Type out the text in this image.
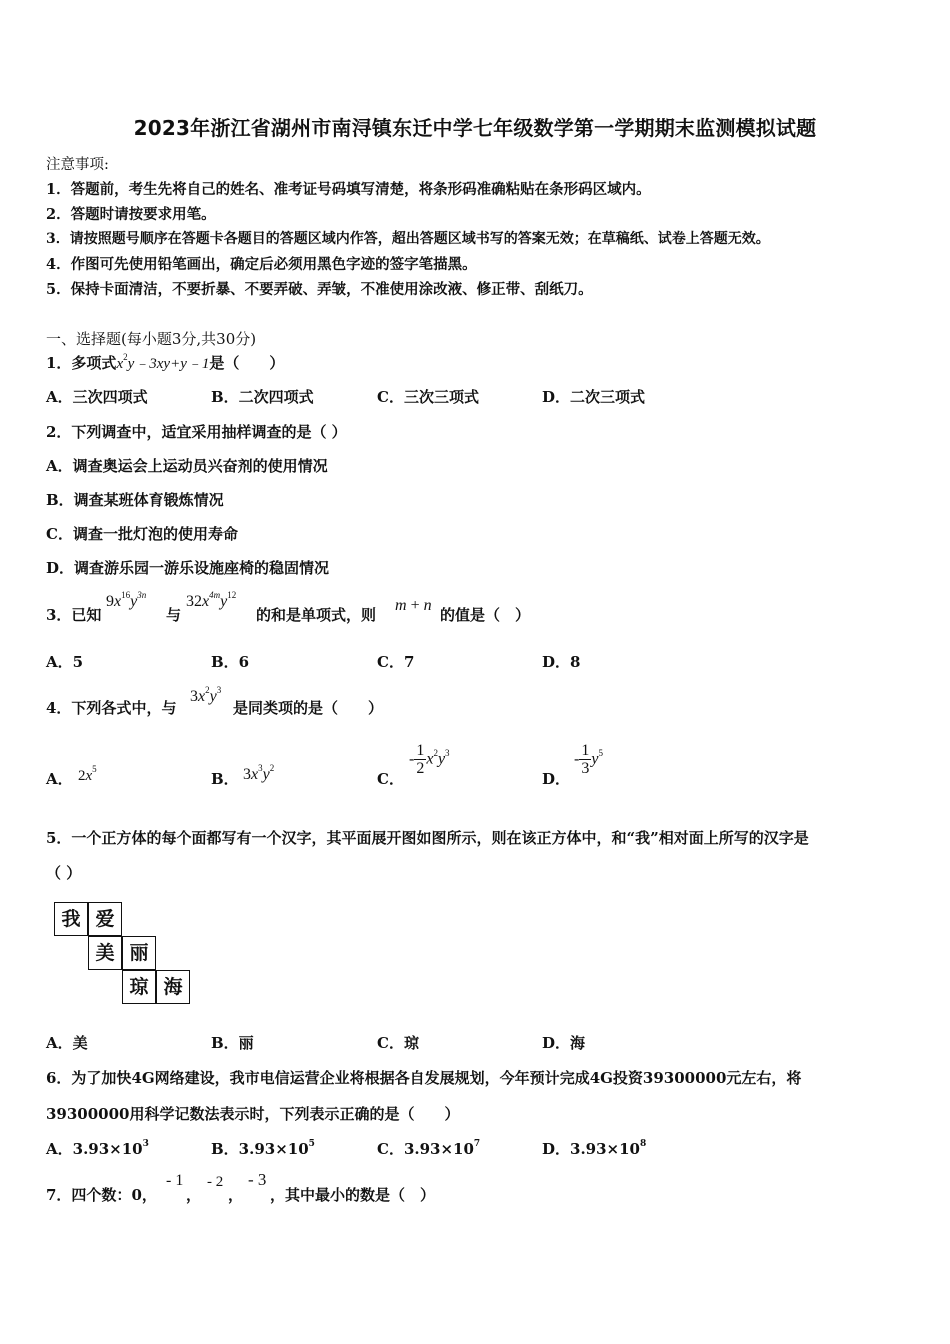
2023年浙江省湖州市南浔镇东迁中学七年级数学第一学期期末监测模拟试题
注意事项:
1．答题前，考生先将自己的姓名、准考证号码填写清楚，将条形码准确粘贴在条形码区域内。
2．答题时请按要求用笔。
3．请按照题号顺序在答题卡各题目的答题区域内作答，超出答题区域书写的答案无效；在草稿纸、试卷上答题无效。
4．作图可先使用铅笔画出，确定后必须用黑色字迹的签字笔描黑。
5．保持卡面清洁，不要折暴、不要弄破、弄皱，不准使用涂改液、修正带、刮纸刀。
一、选择题(每小题3分,共30分)
1．多项式$x^2y﹣3xy+y﹣1$是（　　）
A．三次四项式	B．二次四项式	C．三次三项式	D．二次三项式
2．下列调查中，适宜采用抽样调查的是（ ）
A．调查奥运会上运动员兴奋剂的使用情况
B．调查某班体育锻炼情况
C．调查一批灯泡的使用寿命
D．调查游乐园一游乐设施座椅的稳固情况
3．已知
$9x^{16}y^{3n}$
与
$32x^{4m}y^{12}$
的和是单项式，则
m + n
的值是（　）
A．5	B．6	C．7	D．8
4．下列各式中，与
$3x^2y^3$
是同类项的是（　　）
A． $2x^5$
B． $3x^3y^2$
C．
- $\frac{1}{2} x^2y^3$
D．
- $\frac{1}{3} y^5$
5．一个正方体的每个面都写有一个汉字，其平面展开图如图所示，则在该正方体中，和“我”相对面上所写的汉字是
（ ）
我 爱
美 丽
琼 海
A．美	B．丽	C．琼	D．海
6．为了加快4G网络建设，我市电信运营企业将根据各自发展规划，今年预计完成4G投资39300000元左右，将
39300000用科学记数法表示时，下列表示正确的是（　　）
A．$3.93\times 10^3$	B．$3.93\times 10^5$	C．$3.93\times 10^7$	D．$3.93\times 10^8$
7．四个数：0，
- 1
，
- 2
，
- 3
，其中最小的数是（　）
